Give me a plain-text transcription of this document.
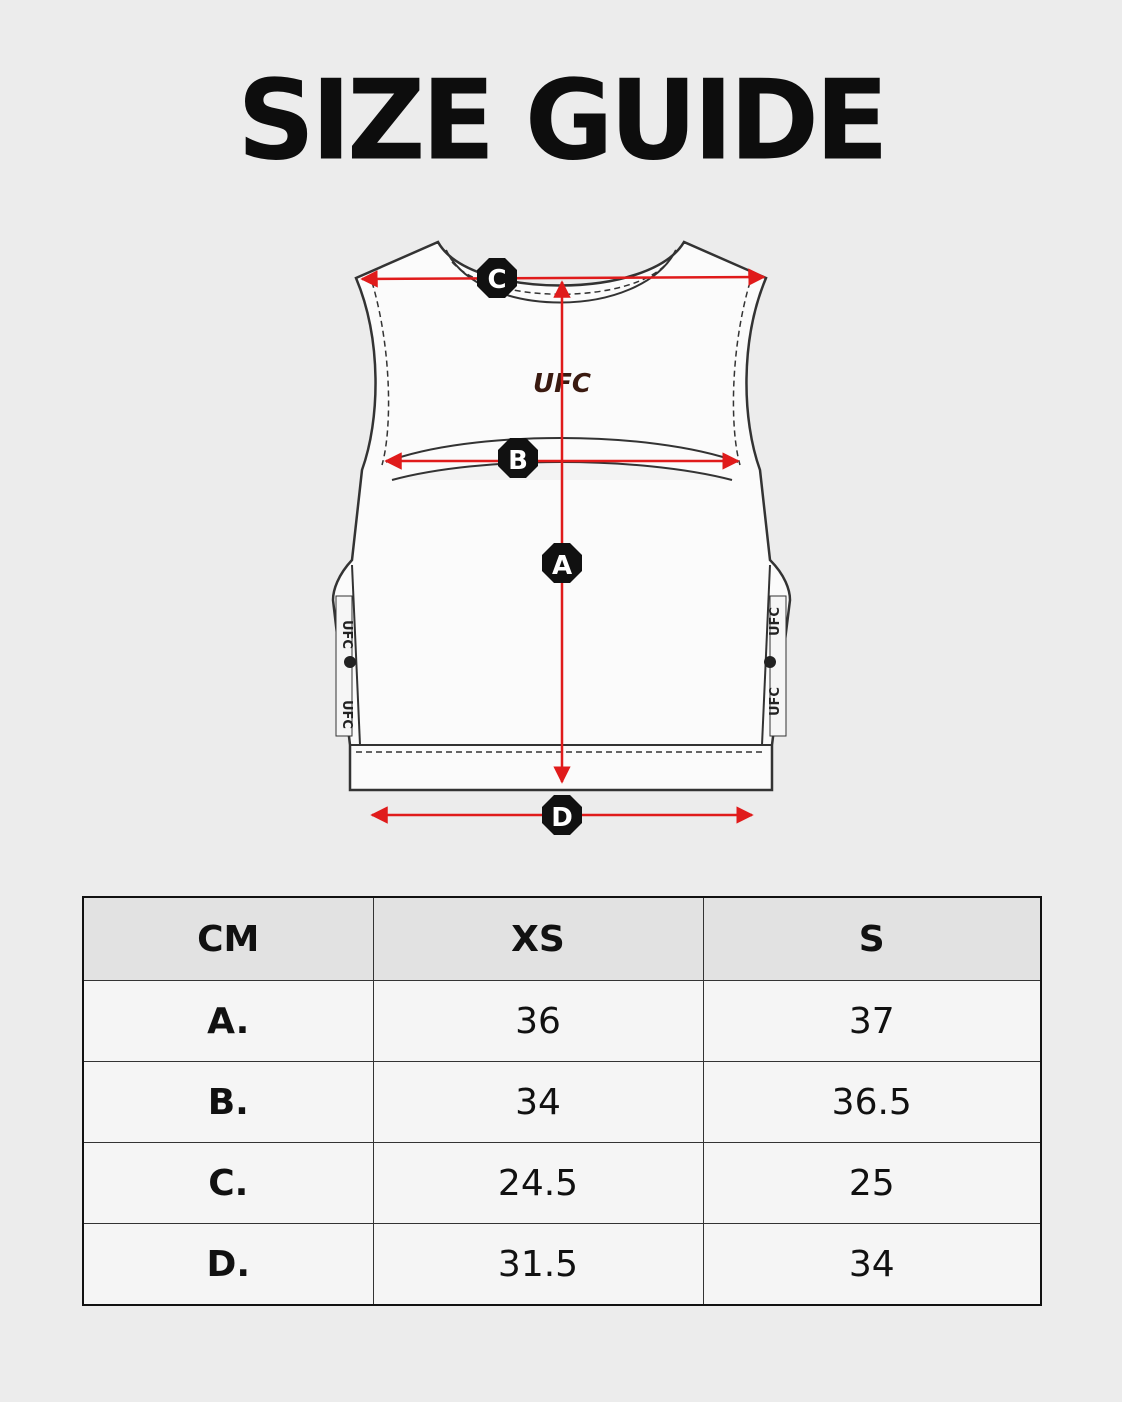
SIZE GUIDE
UFC
UFC
UFC
UFC
UFC
C
B
A
D
CM	XS	S
A.	36	37
B.	34	36.5
C.	24.5	25
D.	31.5	34
